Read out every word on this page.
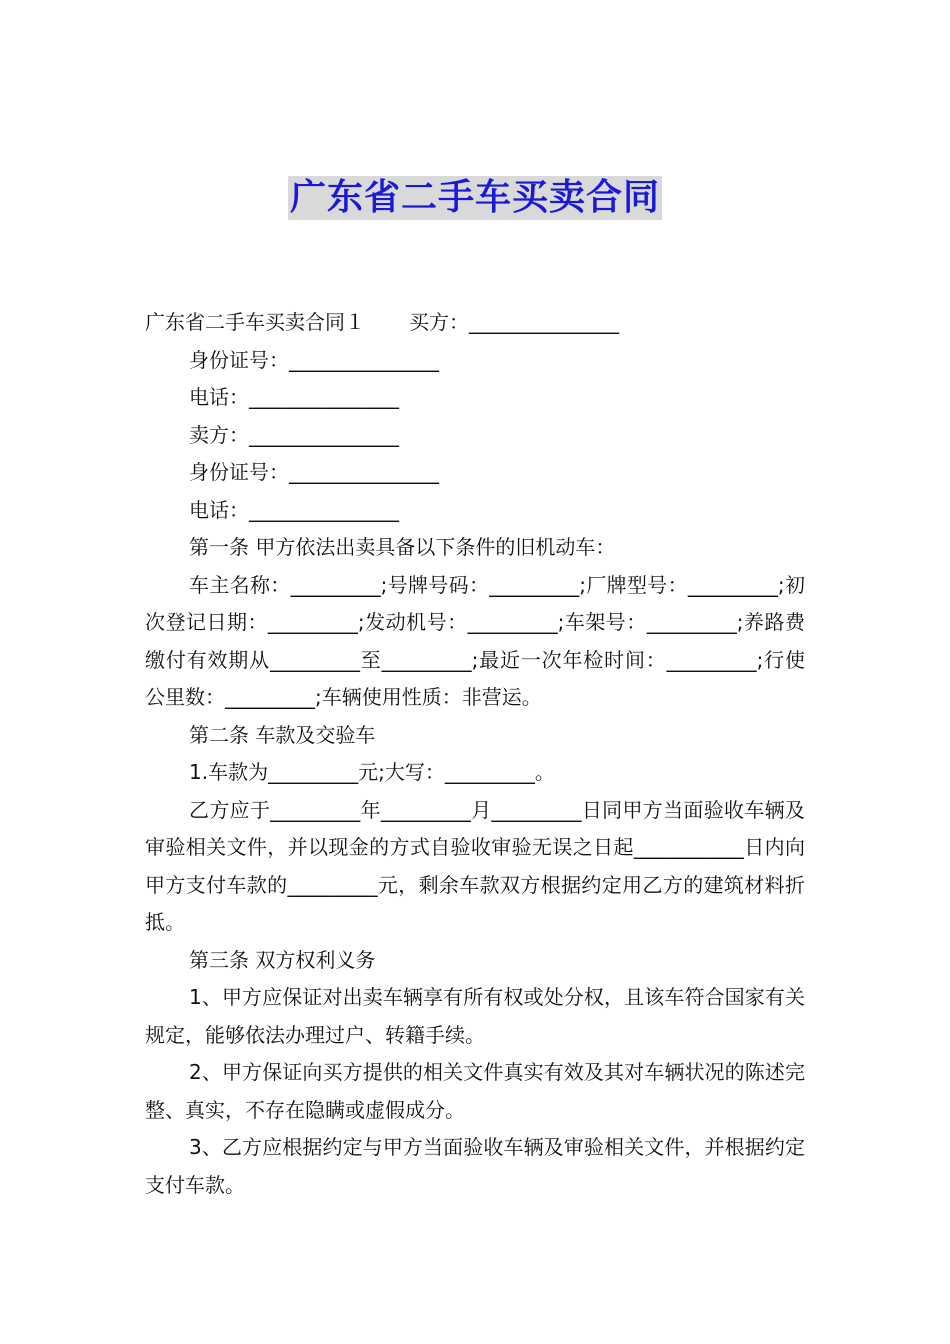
广东省二手车买卖合同

广东省二手车买卖合同１ 买方：_______________

身份证号：_______________

电话：_______________

卖方：_______________

身份证号：_______________

电话：_______________

第一条 甲方依法出卖具备以下条件的旧机动车：

车主名称：_________;号牌号码：_________;厂牌型号：_________;初次登记日期：_________;发动机号：_________;车架号：_________;养路费缴付有效期从_________至_________;最近一次年检时间：_________;行使公里数：_________;车辆使用性质：非营运。

第二条 车款及交验车

1.车款为_________元;大写：_________。

乙方应于_________年_________月_________日同甲方当面验收车辆及审验相关文件，并以现金的方式自验收审验无误之日起___________日内向甲方支付车款的_________元，剩余车款双方根据约定用乙方的建筑材料折抵。

第三条 双方权利义务

1、甲方应保证对出卖车辆享有所有权或处分权，且该车符合国家有关规定，能够依法办理过户、转籍手续。

2、甲方保证向买方提供的相关文件真实有效及其对车辆状况的陈述完整、真实，不存在隐瞒或虚假成分。

3、乙方应根据约定与甲方当面验收车辆及审验相关文件，并根据约定支付车款。
